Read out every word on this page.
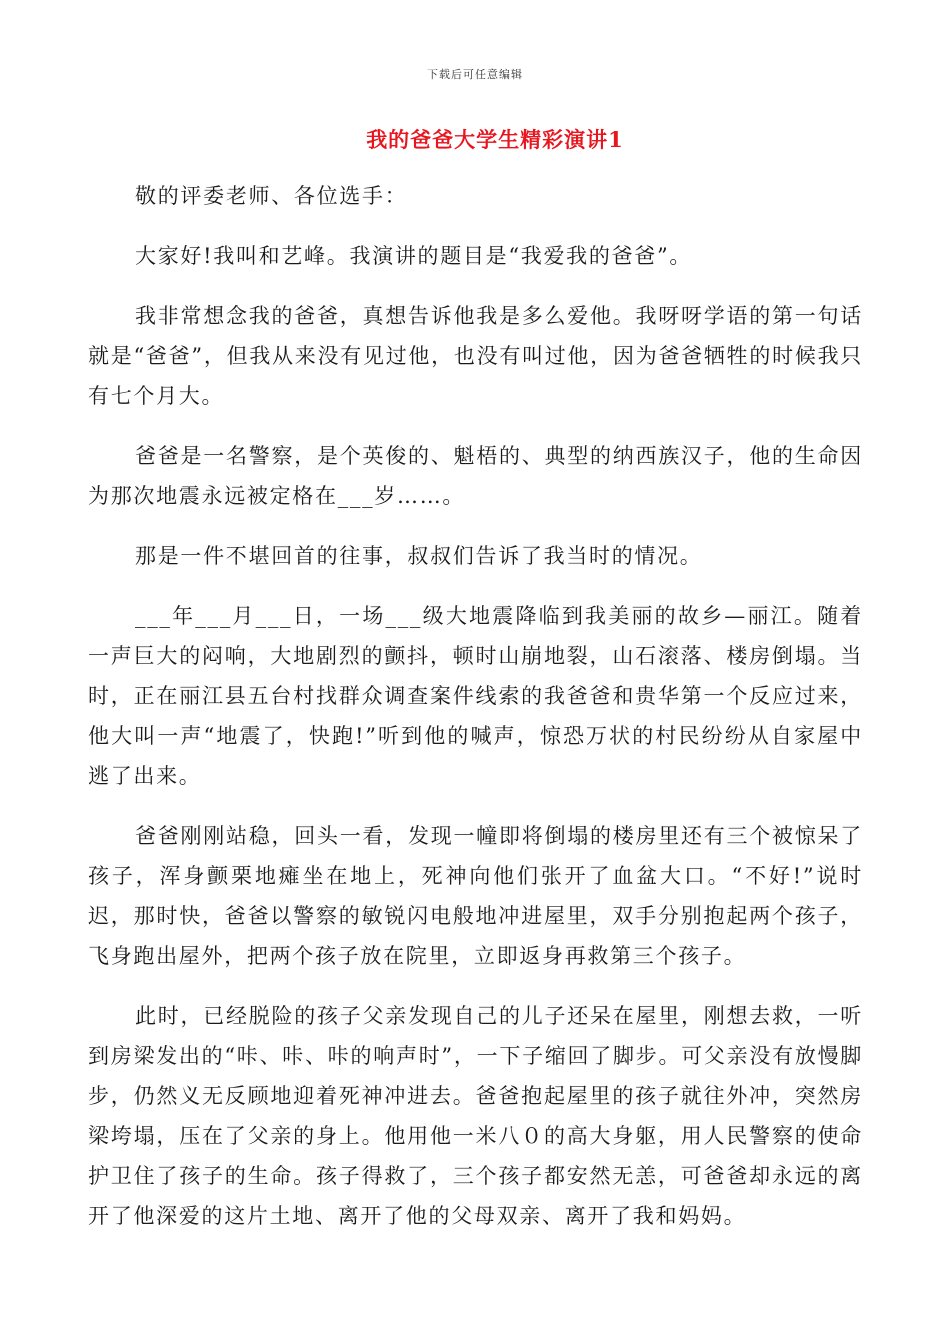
下载后可任意编辑
我的爸爸大学生精彩演讲1

敬的评委老师、各位选手：

大家好!我叫和艺峰。我演讲的题目是“我爱我的爸爸”。

我非常想念我的爸爸，真想告诉他我是多么爱他。我呀呀学语的第一句话就是“爸爸”，但我从来没有见过他，也没有叫过他，因为爸爸牺牲的时候我只有七个月大。

爸爸是一名警察，是个英俊的、魁梧的、典型的纳西族汉子，他的生命因为那次地震永远被定格在___岁……。

那是一件不堪回首的往事，叔叔们告诉了我当时的情况。

___年___月___日，一场___级大地震降临到我美丽的故乡—丽江。随着一声巨大的闷响，大地剧烈的颤抖，顿时山崩地裂，山石滚落、楼房倒塌。当时，正在丽江县五台村找群众调查案件线索的我爸爸和贵华第一个反应过来，他大叫一声“地震了，快跑!”听到他的喊声，惊恐万状的村民纷纷从自家屋中逃了出来。

爸爸刚刚站稳，回头一看，发现一幢即将倒塌的楼房里还有三个被惊呆了孩子，浑身颤栗地瘫坐在地上，死神向他们张开了血盆大口。“不好!”说时迟，那时快，爸爸以警察的敏锐闪电般地冲进屋里，双手分别抱起两个孩子，飞身跑出屋外，把两个孩子放在院里，立即返身再救第三个孩子。

此时，已经脱险的孩子父亲发现自己的儿子还呆在屋里，刚想去救，一听到房梁发出的“咔、咔、咔的响声时”，一下子缩回了脚步。可父亲没有放慢脚步，仍然义无反顾地迎着死神冲进去。爸爸抱起屋里的孩子就往外冲，突然房梁垮塌，压在了父亲的身上。他用他一米八０的高大身躯，用人民警察的使命护卫住了孩子的生命。孩子得救了，三个孩子都安然无恙，可爸爸却永远的离开了他深爱的这片土地、离开了他的父母双亲、离开了我和妈妈。
